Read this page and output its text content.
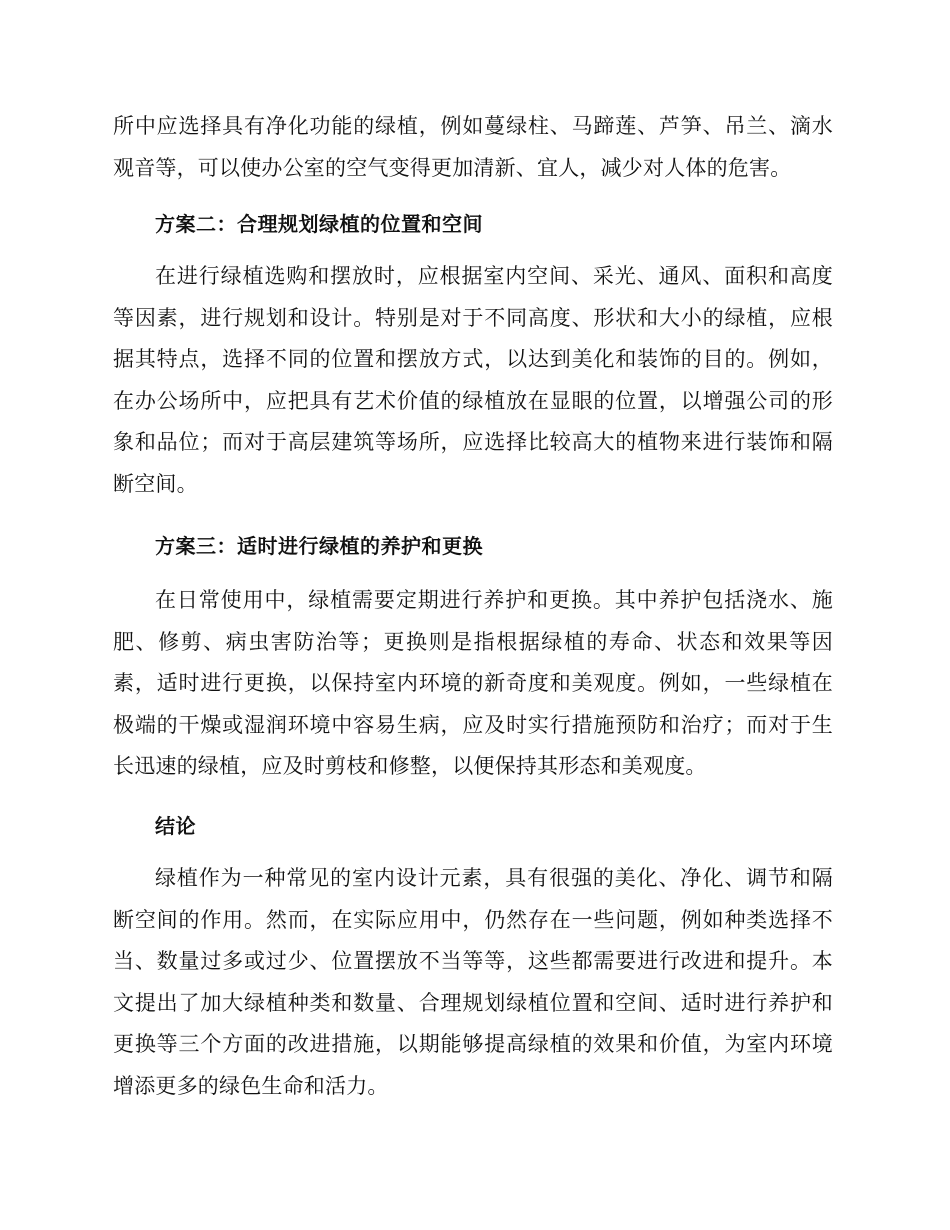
所中应选择具有净化功能的绿植，例如蔓绿柱、马蹄莲、芦笋、吊兰、滴水观音等，可以使办公室的空气变得更加清新、宜人，减少对人体的危害。

方案二：合理规划绿植的位置和空间

在进行绿植选购和摆放时，应根据室内空间、采光、通风、面积和高度等因素，进行规划和设计。特别是对于不同高度、形状和大小的绿植，应根据其特点，选择不同的位置和摆放方式，以达到美化和装饰的目的。例如，在办公场所中，应把具有艺术价值的绿植放在显眼的位置，以增强公司的形象和品位；而对于高层建筑等场所，应选择比较高大的植物来进行装饰和隔断空间。

方案三：适时进行绿植的养护和更换

在日常使用中，绿植需要定期进行养护和更换。其中养护包括浇水、施肥、修剪、病虫害防治等；更换则是指根据绿植的寿命、状态和效果等因素，适时进行更换，以保持室内环境的新奇度和美观度。例如，一些绿植在极端的干燥或湿润环境中容易生病，应及时实行措施预防和治疗；而对于生长迅速的绿植，应及时剪枝和修整，以便保持其形态和美观度。

结论

绿植作为一种常见的室内设计元素，具有很强的美化、净化、调节和隔断空间的作用。然而，在实际应用中，仍然存在一些问题，例如种类选择不当、数量过多或过少、位置摆放不当等等，这些都需要进行改进和提升。本文提出了加大绿植种类和数量、合理规划绿植位置和空间、适时进行养护和更换等三个方面的改进措施，以期能够提高绿植的效果和价值，为室内环境增添更多的绿色生命和活力。
